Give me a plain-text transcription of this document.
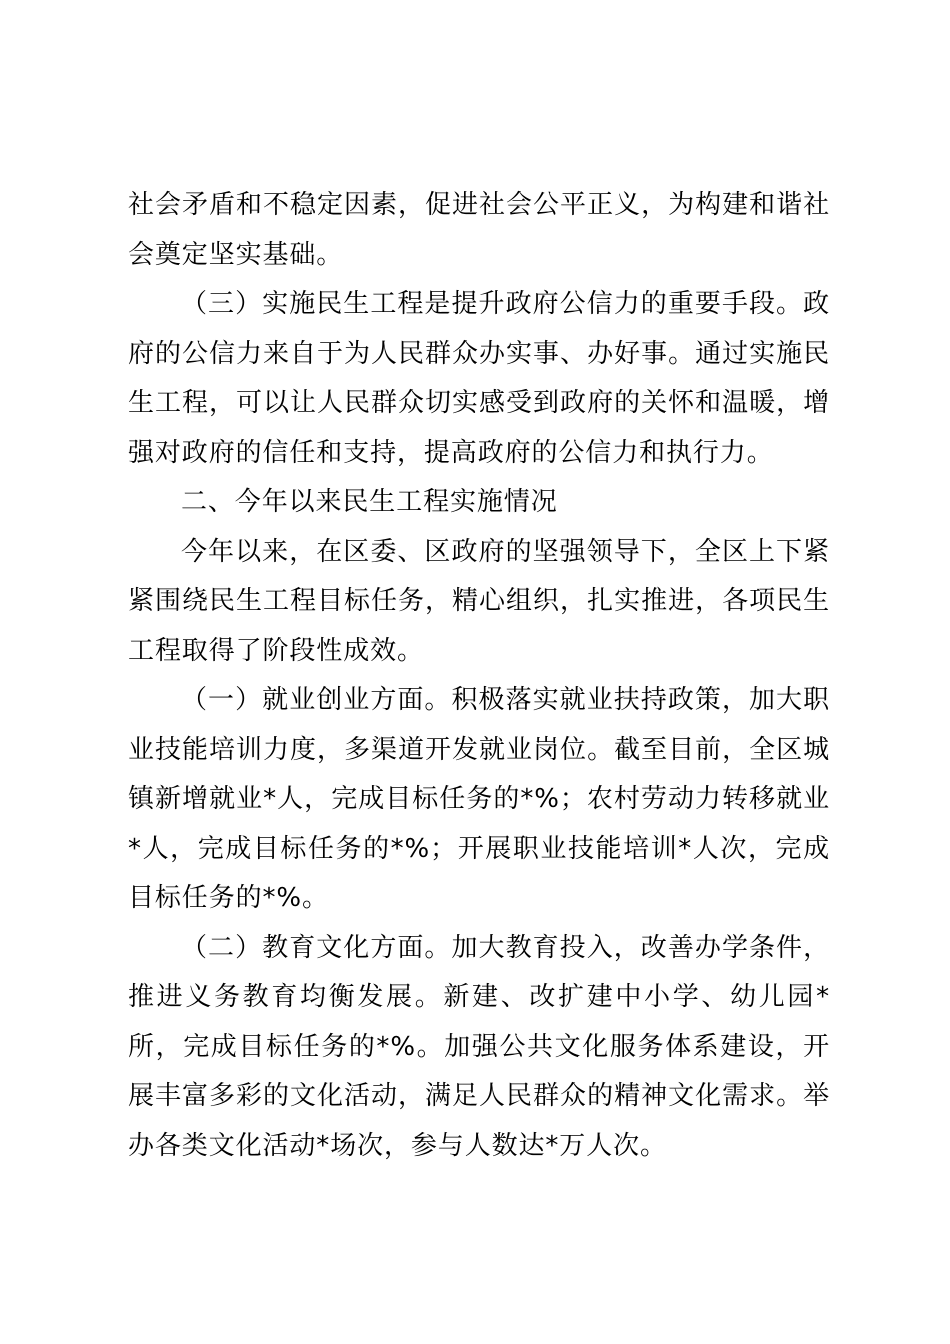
社会矛盾和不稳定因素，促进社会公平正义，为构建和谐社会奠定坚实基础。

（三）实施民生工程是提升政府公信力的重要手段。政府的公信力来自于为人民群众办实事、办好事。通过实施民生工程，可以让人民群众切实感受到政府的关怀和温暖，增强对政府的信任和支持，提高政府的公信力和执行力。

二、今年以来民生工程实施情况

今年以来，在区委、区政府的坚强领导下，全区上下紧紧围绕民生工程目标任务，精心组织，扎实推进，各项民生工程取得了阶段性成效。

（一）就业创业方面。积极落实就业扶持政策，加大职业技能培训力度，多渠道开发就业岗位。截至目前，全区城镇新增就业*人，完成目标任务的*%；农村劳动力转移就业*人，完成目标任务的*%；开展职业技能培训*人次，完成目标任务的*%。

（二）教育文化方面。加大教育投入，改善办学条件，推进义务教育均衡发展。新建、改扩建中小学、幼儿园*所，完成目标任务的*%。加强公共文化服务体系建设，开展丰富多彩的文化活动，满足人民群众的精神文化需求。举办各类文化活动*场次，参与人数达*万人次。
